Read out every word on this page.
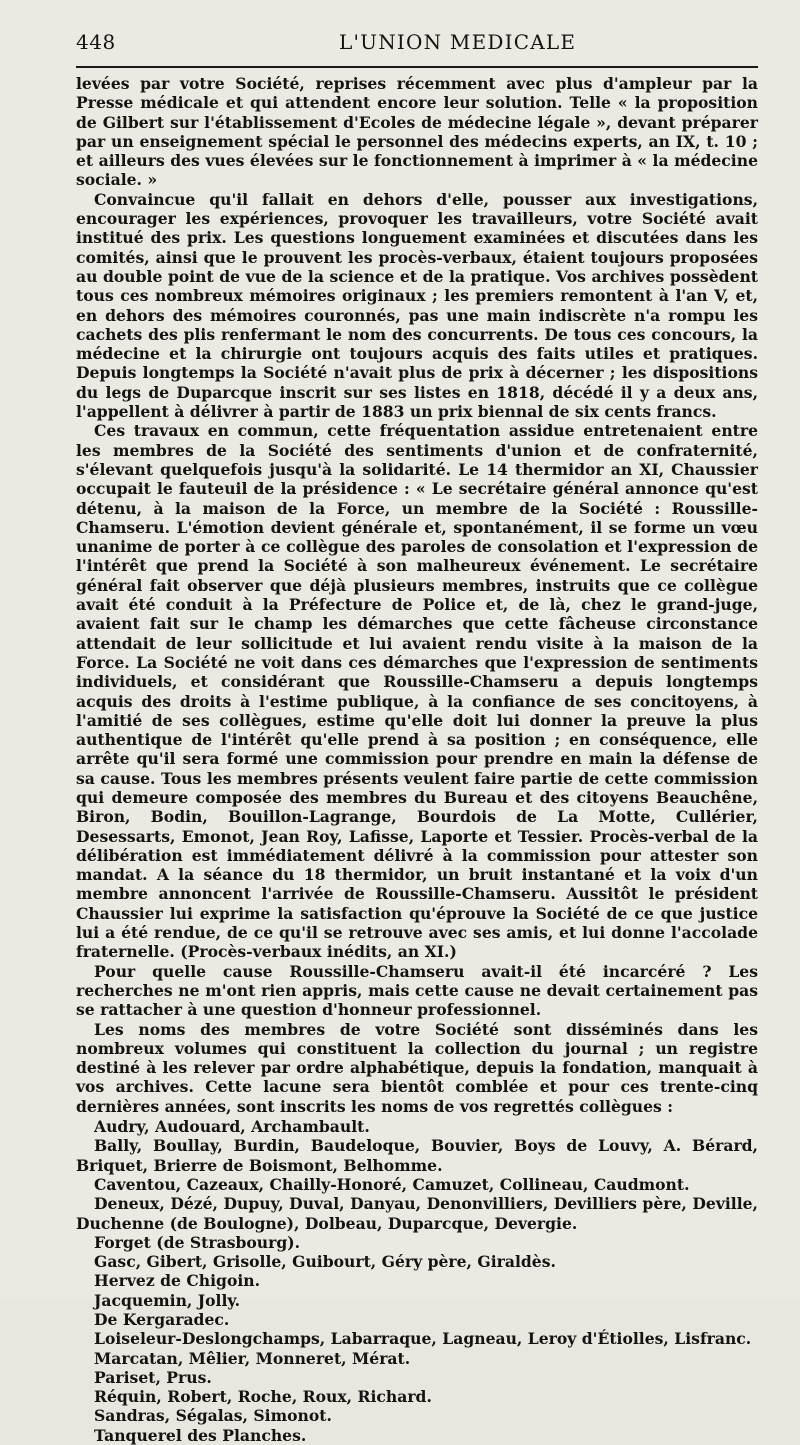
448	L'UNION MEDICALE

levées par votre Société, reprises récemment avec plus d'ampleur par la Presse médicale et qui attendent encore leur solution. Telle « la proposition de Gilbert sur l'établissement d'Ecoles de médecine légale », devant préparer par un enseignement spécial le personnel des médecins experts, an IX, t. 10 ; et ailleurs des vues élevées sur le fonctionnement à imprimer à « la médecine sociale. »

Convaincue qu'il fallait en dehors d'elle, pousser aux investigations, encourager les expériences, provoquer les travailleurs, votre Société avait institué des prix. Les questions longuement examinées et discutées dans les comités, ainsi que le prouvent les procès-verbaux, étaient toujours proposées au double point de vue de la science et de la pratique. Vos archives possèdent tous ces nombreux mémoires originaux ; les premiers remontent à l'an V, et, en dehors des mémoires couronnés, pas une main indiscrète n'a rompu les cachets des plis renfermant le nom des concurrents. De tous ces concours, la médecine et la chirurgie ont toujours acquis des faits utiles et pratiques. Depuis longtemps la Société n'avait plus de prix à décerner ; les dispositions du legs de Duparcque inscrit sur ses listes en 1818, décédé il y a deux ans, l'appellent à délivrer à partir de 1883 un prix biennal de six cents francs.

Ces travaux en commun, cette fréquentation assidue entretenaient entre les membres de la Société des sentiments d'union et de confraternité, s'élevant quelquefois jusqu'à la solidarité. Le 14 thermidor an XI, Chaussier occupait le fauteuil de la présidence : « Le secrétaire général annonce qu'est détenu, à la maison de la Force, un membre de la Société : Roussille-Chamseru. L'émotion devient générale et, spontanément, il se forme un vœu unanime de porter à ce collègue des paroles de consolation et l'expression de l'intérêt que prend la Société à son malheureux événement. Le secrétaire général fait observer que déjà plusieurs membres, instruits que ce collègue avait été conduit à la Préfecture de Police et, de là, chez le grand-juge, avaient fait sur le champ les démarches que cette fâcheuse circonstance attendait de leur sollicitude et lui avaient rendu visite à la maison de la Force. La Société ne voit dans ces démarches que l'expression de sentiments individuels, et considérant que Roussille-Chamseru a depuis longtemps acquis des droits à l'estime publique, à la confiance de ses concitoyens, à l'amitié de ses collègues, estime qu'elle doit lui donner la preuve la plus authentique de l'intérêt qu'elle prend à sa position ; en conséquence, elle arrête qu'il sera formé une commission pour prendre en main la défense de sa cause. Tous les membres présents veulent faire partie de cette commission qui demeure composée des membres du Bureau et des citoyens Beauchêne, Biron, Bodin, Bouillon-Lagrange, Bourdois de La Motte, Cullérier, Desessarts, Emonot, Jean Roy, Lafisse, Laporte et Tessier. Procès-verbal de la délibération est immédiatement délivré à la commission pour attester son mandat. A la séance du 18 thermidor, un bruit instantané et la voix d'un membre annoncent l'arrivée de Roussille-Chamseru. Aussitôt le président Chaussier lui exprime la satisfaction qu'éprouve la Société de ce que justice lui a été rendue, de ce qu'il se retrouve avec ses amis, et lui donne l'accolade fraternelle. (Procès-verbaux inédits, an XI.)

Pour quelle cause Roussille-Chamseru avait-il été incarcéré ? Les recherches ne m'ont rien appris, mais cette cause ne devait certainement pas se rattacher à une question d'honneur professionnel.

Les noms des membres de votre Société sont disséminés dans les nombreux volumes qui constituent la collection du journal ; un registre destiné à les relever par ordre alphabétique, depuis la fondation, manquait à vos archives. Cette lacune sera bientôt comblée et pour ces trente-cinq dernières années, sont inscrits les noms de vos regrettés collègues :

Audry, Audouard, Archambault.

Bally, Boullay, Burdin, Baudeloque, Bouvier, Boys de Louvy, A. Bérard, Briquet, Brierre de Boismont, Belhomme.

Caventou, Cazeaux, Chailly-Honoré, Camuzet, Collineau, Caudmont.

Deneux, Dézé, Dupuy, Duval, Danyau, Denonvilliers, Devilliers père, Deville, Duchenne (de Boulogne), Dolbeau, Duparcque, Devergie.

Forget (de Strasbourg).

Gasc, Gibert, Grisolle, Guibourt, Géry père, Giraldès.

Hervez de Chigoin.

Jacquemin, Jolly.

De Kergaradec.

Loiseleur-Deslongchamps, Labarraque, Lagneau, Leroy d'Étiolles, Lisfranc.

Marcatan, Mêlier, Monneret, Mérat.

Pariset, Prus.

Réquin, Robert, Roche, Roux, Richard.

Sandras, Ségalas, Simonot.

Tanquerel des Planches.
